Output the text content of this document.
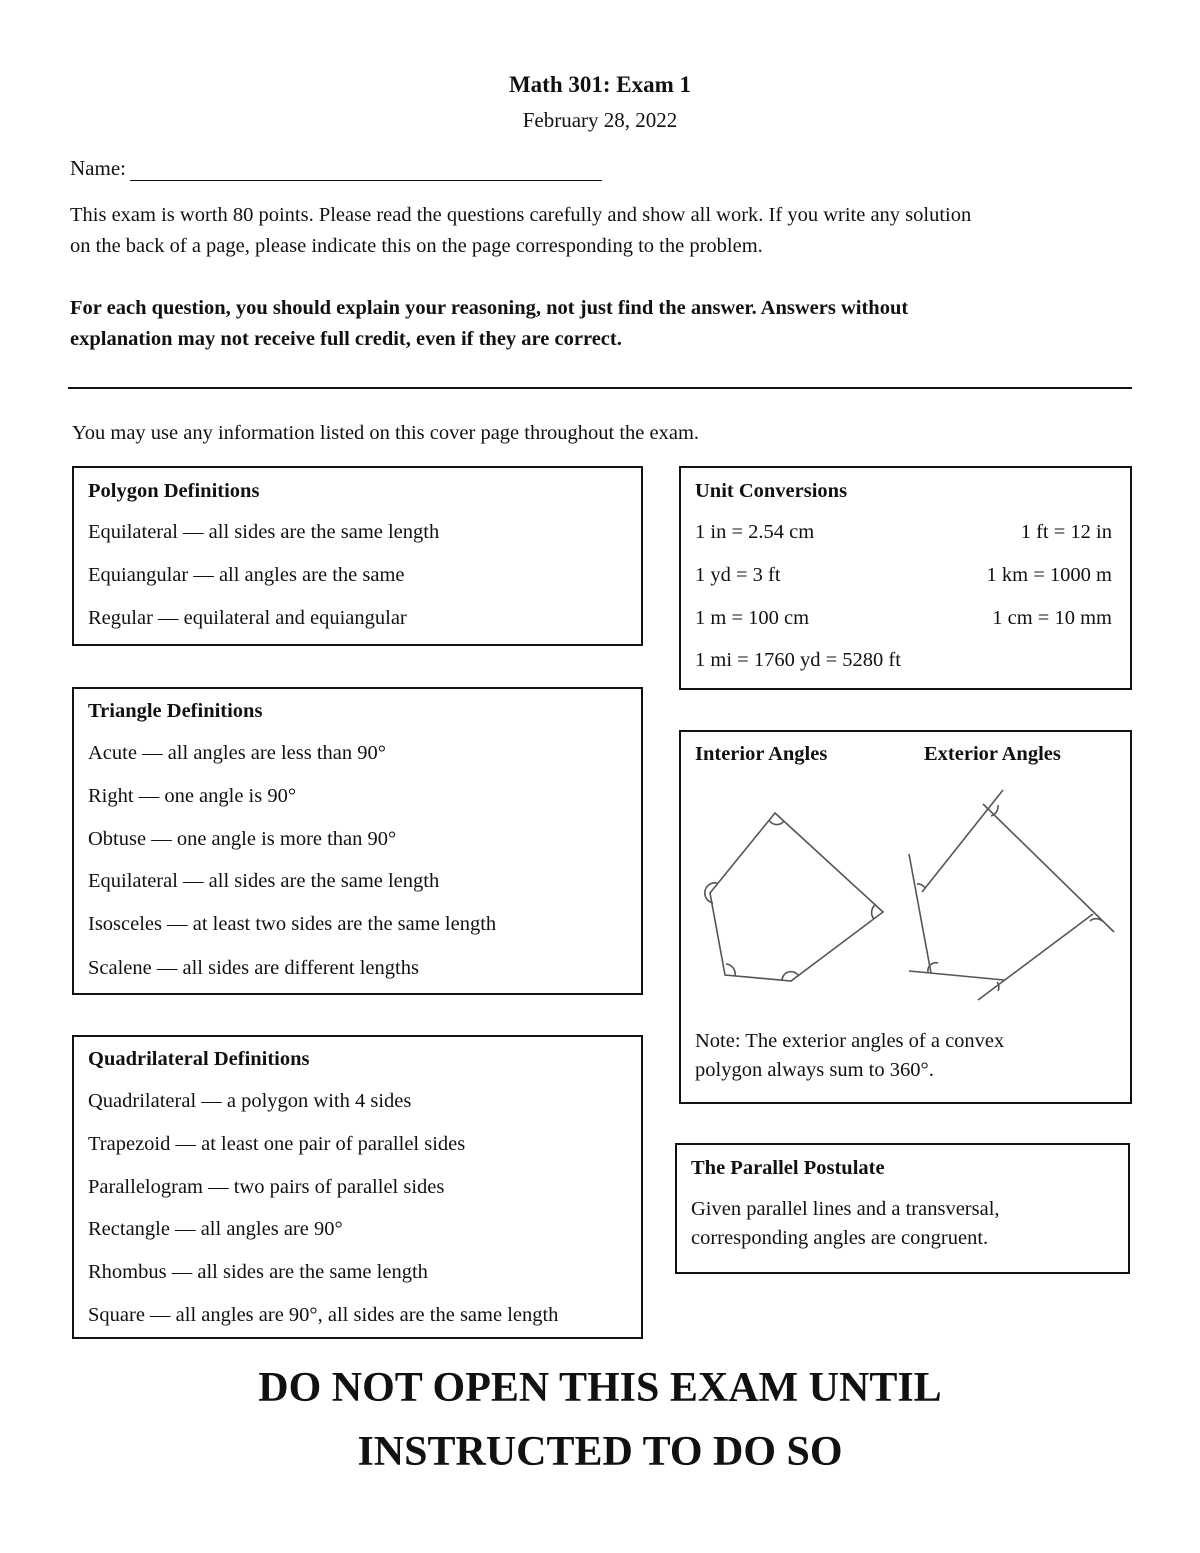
Math 301: Exam 1
February 28, 2022
Name:
This exam is worth 80 points. Please read the questions carefully and show all work. If you write any solution
on the back of a page, please indicate this on the page corresponding to the problem.
For each question, you should explain your reasoning, not just find the answer. Answers without
explanation may not receive full credit, even if they are correct.
You may use any information listed on this cover page throughout the exam.
Polygon Definitions
Equilateral — all sides are the same length
Equiangular — all angles are the same
Regular — equilateral and equiangular
Triangle Definitions
Acute — all angles are less than 90°
Right — one angle is 90°
Obtuse — one angle is more than 90°
Equilateral — all sides are the same length
Isosceles — at least two sides are the same length
Scalene — all sides are different lengths
Quadrilateral Definitions
Quadrilateral — a polygon with 4 sides
Trapezoid — at least one pair of parallel sides
Parallelogram — two pairs of parallel sides
Rectangle — all angles are 90°
Rhombus — all sides are the same length
Square — all angles are 90°, all sides are the same length
Unit Conversions
1 in = 2.54 cm	1 ft = 12 in
1 yd = 3 ft	1 km = 1000 m
1 m = 100 cm	1 cm = 10 mm
1 mi = 1760 yd = 5280 ft
Interior Angles	Exterior Angles
Note: The exterior angles of a convex
polygon always sum to 360°.
The Parallel Postulate
Given parallel lines and a transversal,
corresponding angles are congruent.
DO NOT OPEN THIS EXAM UNTIL
INSTRUCTED TO DO SO
